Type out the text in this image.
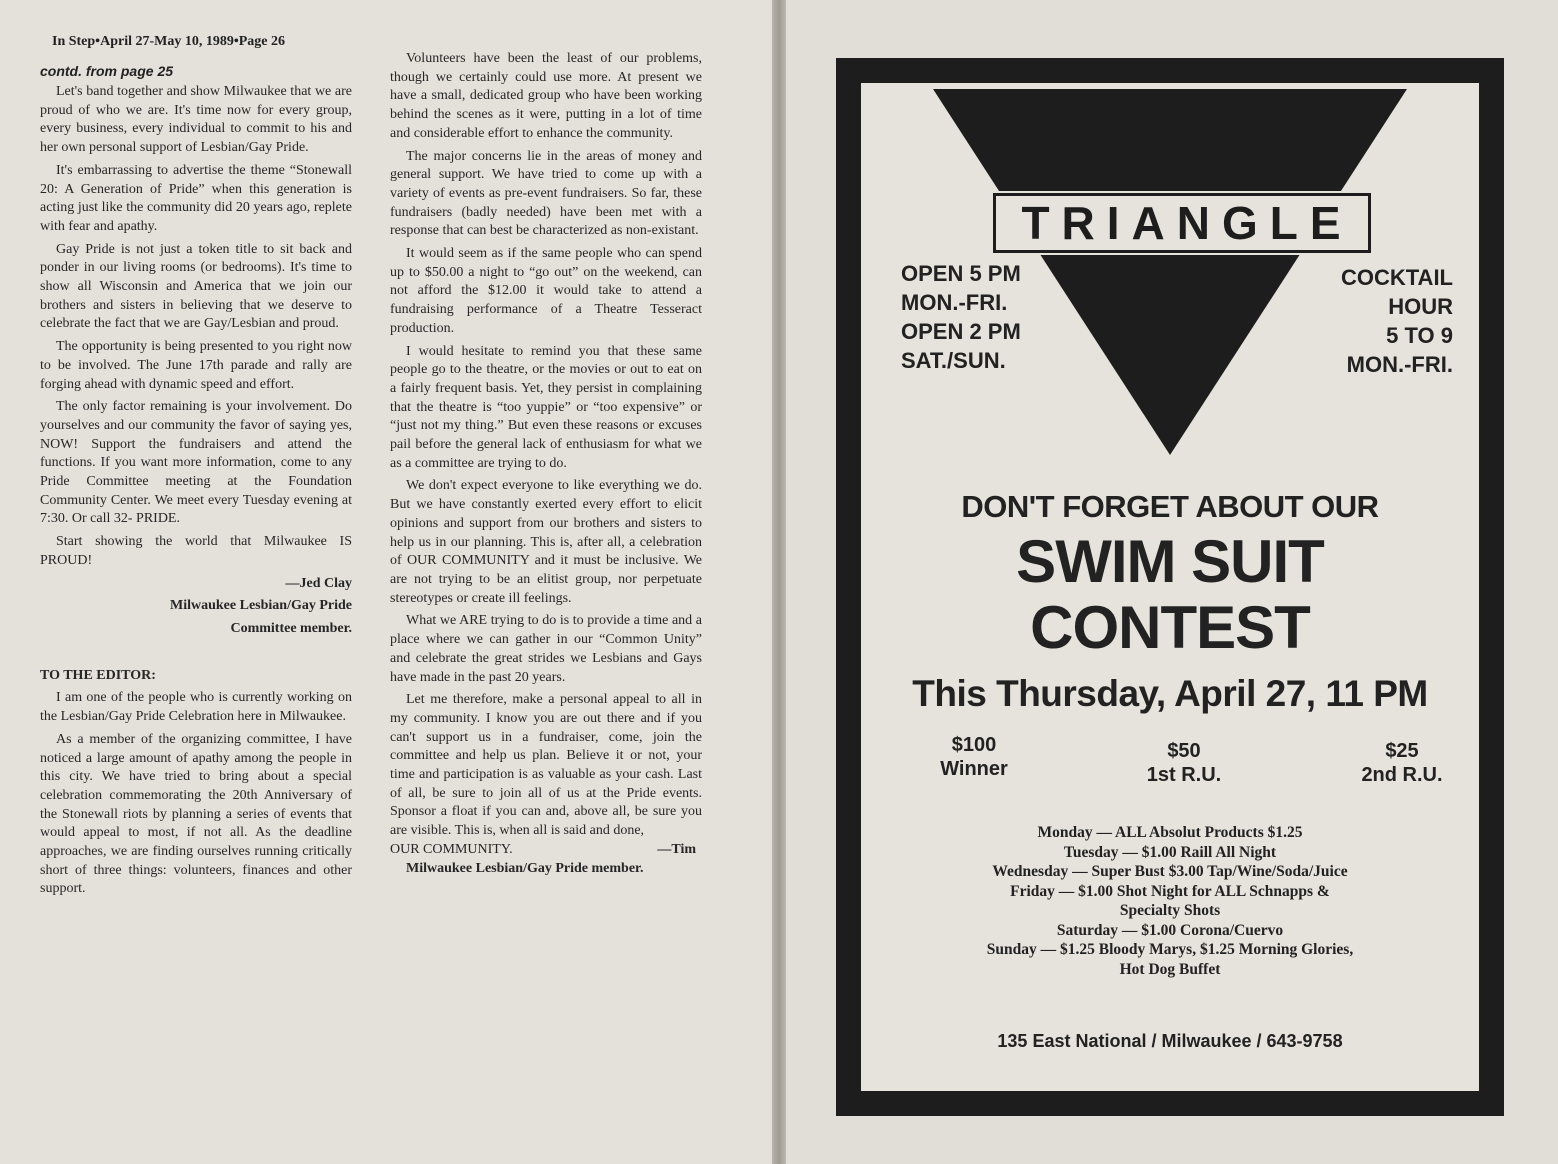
In Step•April 27-May 10, 1989•Page 26
contd. from page 25

Let's band together and show Milwaukee that we are proud of who we are. It's time now for every group, every business, every individual to commit to his and her own personal support of Lesbian/Gay Pride.

It's embarrassing to advertise the theme “Stonewall 20: A Generation of Pride” when this generation is acting just like the community did 20 years ago, replete with fear and apathy.

Gay Pride is not just a token title to sit back and ponder in our living rooms (or bedrooms). It's time to show all Wisconsin and America that we join our brothers and sisters in believing that we deserve to celebrate the fact that we are Gay/Lesbian and proud.

The opportunity is being presented to you right now to be involved. The June 17th parade and rally are forging ahead with dynamic speed and effort.

The only factor remaining is your involvement. Do yourselves and our community the favor of saying yes, NOW! Support the fundraisers and attend the functions. If you want more information, come to any Pride Committee meeting at the Foundation Community Center. We meet every Tuesday evening at 7:30. Or call 32- PRIDE.

Start showing the world that Milwaukee IS PROUD!

—Jed Clay

Milwaukee Lesbian/Gay Pride

Committee member.

TO THE EDITOR:

I am one of the people who is currently working on the Lesbian/Gay Pride Celebration here in Milwaukee.

As a member of the organizing committee, I have noticed a large amount of apathy among the people in this city. We have tried to bring about a special celebration commemorating the 20th Anniversary of the Stonewall riots by planning a series of events that would appeal to most, if not all. As the deadline approaches, we are finding ourselves running critically short of three things: volunteers, finances and other support.

Volunteers have been the least of our problems, though we certainly could use more. At present we have a small, dedicated group who have been working behind the scenes as it were, putting in a lot of time and considerable effort to enhance the community.

The major concerns lie in the areas of money and general support. We have tried to come up with a variety of events as pre-event fundraisers. So far, these fundraisers (badly needed) have been met with a response that can best be characterized as non-existant.

It would seem as if the same people who can spend up to $50.00 a night to “go out” on the weekend, can not afford the $12.00 it would take to attend a fundraising performance of a Theatre Tesseract production.

I would hesitate to remind you that these same people go to the theatre, or the movies or out to eat on a fairly frequent basis. Yet, they persist in complaining that the theatre is “too yuppie” or “too expensive” or “just not my thing.” But even these reasons or excuses pail before the general lack of enthusiasm for what we as a committee are trying to do.

We don't expect everyone to like everything we do. But we have constantly exerted every effort to elicit opinions and support from our brothers and sisters to help us in our planning. This is, after all, a celebration of OUR COMMUNITY and it must be inclusive. We are not trying to be an elitist group, nor perpetuate stereotypes or create ill feelings.

What we ARE trying to do is to provide a time and a place where we can gather in our “Common Unity” and celebrate the great strides we Lesbians and Gays have made in the past 20 years.

Let me therefore, make a personal appeal to all in my community. I know you are out there and if you can't support us in a fundraiser, come, join the committee and help us plan. Believe it or not, your time and participation is as valuable as your cash. Last of all, be sure to join all of us at the Pride events. Sponsor a float if you can and, above all, be sure you are visible. This is, when all is said and done,

—Tim
OUR COMMUNITY.

Milwaukee Lesbian/Gay Pride member.

TRIANGLE
OPEN 5 PM
MON.-FRI.
OPEN 2 PM
SAT./SUN.
COCKTAIL
HOUR
5 TO 9
MON.-FRI.
DON'T FORGET ABOUT OUR
SWIM SUIT
CONTEST
This Thursday, April 27, 11 PM
$100
Winner
$50
1st R.U.
$25
2nd R.U.
Monday — ALL Absolut Products $1.25
Tuesday — $1.00 Raill All Night
Wednesday — Super Bust $3.00 Tap/Wine/Soda/Juice
Friday — $1.00 Shot Night for ALL Schnapps &
Specialty Shots
Saturday — $1.00 Corona/Cuervo
Sunday — $1.25 Bloody Marys, $1.25 Morning Glories,
Hot Dog Buffet
135 East National / Milwaukee / 643-9758
